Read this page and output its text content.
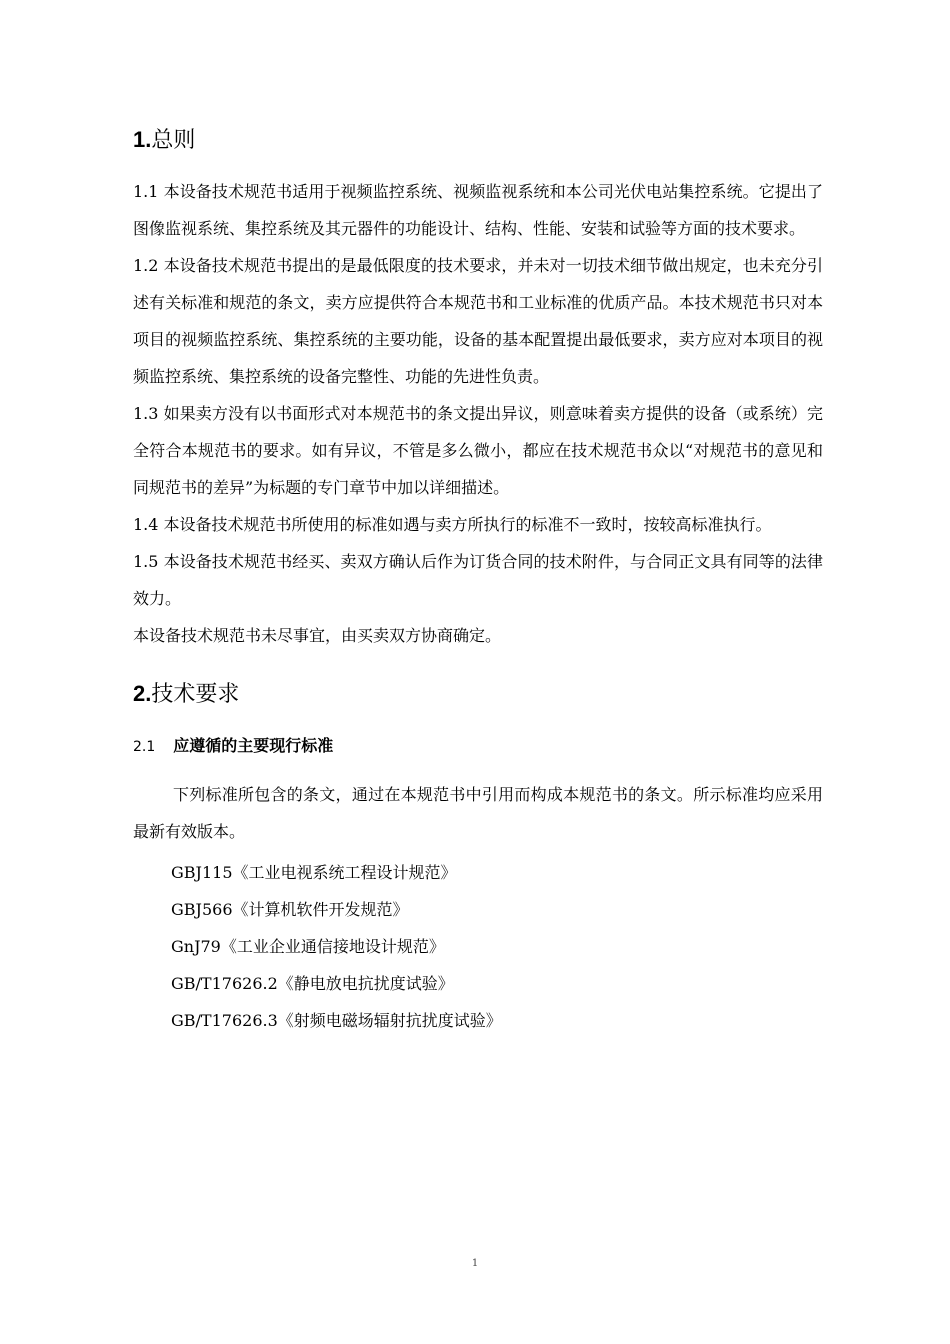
1.总则

1.1 本设备技术规范书适用于视频监控系统、视频监视系统和本公司光伏电站集控系统。它提出了图像监视系统、集控系统及其元器件的功能设计、结构、性能、安装和试验等方面的技术要求。

1.2 本设备技术规范书提出的是最低限度的技术要求，并未对一切技术细节做出规定，也未充分引述有关标准和规范的条文，卖方应提供符合本规范书和工业标准的优质产品。本技术规范书只对本项目的视频监控系统、集控系统的主要功能，设备的基本配置提出最低要求，卖方应对本项目的视频监控系统、集控系统的设备完整性、功能的先进性负责。

1.3 如果卖方没有以书面形式对本规范书的条文提出异议，则意味着卖方提供的设备（或系统）完全符合本规范书的要求。如有异议，不管是多么微小，都应在技术规范书众以“对规范书的意见和同规范书的差异”为标题的专门章节中加以详细描述。

1.4 本设备技术规范书所使用的标准如遇与卖方所执行的标准不一致时，按较高标准执行。

1.5 本设备技术规范书经买、卖双方确认后作为订货合同的技术附件，与合同正文具有同等的法律效力。

本设备技术规范书未尽事宜，由买卖双方协商确定。

2.技术要求
2.1 应遵循的主要现行标准

下列标准所包含的条文，通过在本规范书中引用而构成本规范书的条文。所示标准均应采用最新有效版本。

GBJ115《工业电视系统工程设计规范》
GBJ566《计算机软件开发规范》
GnJ79《工业企业通信接地设计规范》
GB/T17626.2《静电放电抗扰度试验》
GB/T17626.3《射频电磁场辐射抗扰度试验》
1
